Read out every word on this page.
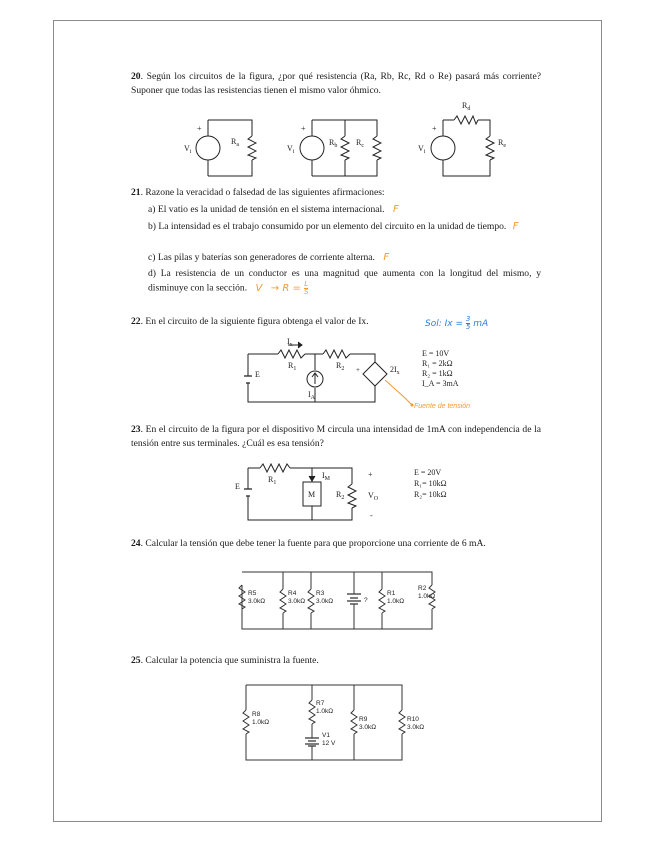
20. Según los circuitos de la figura, ¿por qué resistencia (Ra, Rb, Rc, Rd o Re) pasará más corriente? Suponer que todas las resistencias tienen el mismo valor óhmico.
+
$V_i$
$R_a$
+
$V_i$
$R_b$ $R_c$
+
$V_i$
$R_d$
$R_e$
21. Razone la veracidad o falsedad de las siguientes afirmaciones:
a) El vatio es la unidad de tensión en el sistema internacional. F
b) La intensidad es el trabajo consumido por un elemento del circuito en la unidad de tiempo. F
c) Las pilas y baterías son generadores de corriente alterna. F
d) La resistencia de un conductor es una magnitud que aumenta con la longitud del mismo, y disminuye con la sección. $V \to R = \frac{L}{S}$
22. En el circuito de la siguiente figura obtenga el valor de Ix.	Sol: $Ix = \frac{3}{5}$ mA
$I_x$
$R_1$	$R_2$
E
$I_A$
+	$2I_x$
E = 10V
R₁ = 2kΩ
R₂ = 1kΩ
I_A = 3mA
Fuente de tensión
23. En el circuito de la figura por el dispositivo M circula una intensidad de 1mA con independencia de la tensión entre sus terminales. ¿Cuál es esa tensión?
$R_1$
E
$I_M$
M	$R_2$
+
$V_O$
-
E = 20V
R₁= 10kΩ
R₂= 10kΩ
24. Calcular la tensión que debe tener la fuente para que proporcione una corriente de 6 mA.
R5
3.0kΩ
R4
3.0kΩ
R3
3.0kΩ	?
R1
1.0kΩ
R2
1.0kΩ
25. Calcular la potencia que suministra la fuente.
R8
1.0kΩ
R7
1.0kΩ
V1
12 V
R9
3.0kΩ
R10
3.0kΩ
